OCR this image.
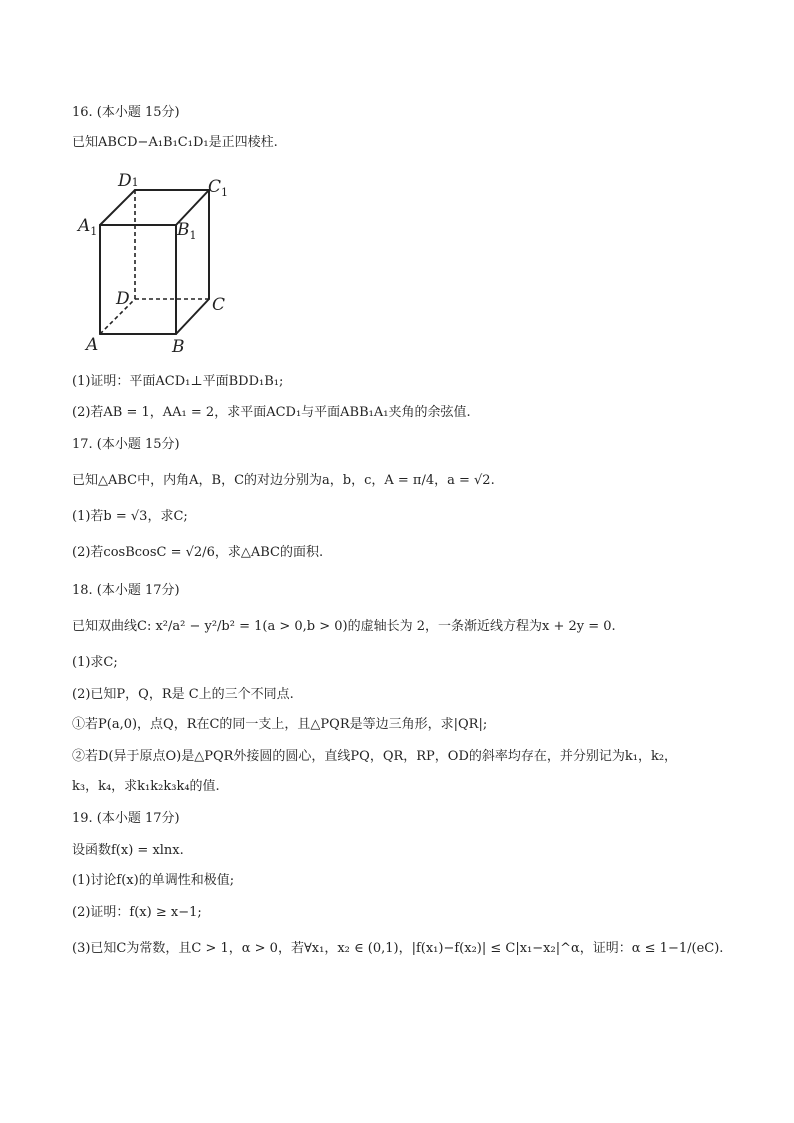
16. (本小题 15分)
已知ABCD−A₁B₁C₁D₁是正四棱柱.
D1	$C_1$
$A_1$	$B_1$
D	C
A	B
(1)证明：平面ACD₁⊥平面BDD₁B₁;
(2)若AB = 1，AA₁ = 2，求平面ACD₁与平面ABB₁A₁夹角的余弦值.
17. (本小题 15分)
已知△ABC中，内角A，B，C的对边分别为a，b，c，A = π/4，a = √2.
(1)若b = √3，求C;
(2)若cosBcosC = √2/6，求△ABC的面积.
18. (本小题 17分)
已知双曲线C: x²/a² − y²/b² = 1(a > 0,b > 0)的虚轴长为 2，一条渐近线方程为x + 2y = 0.
(1)求C;
(2)已知P，Q，R是 C上的三个不同点.
①若P(a,0)，点Q，R在C的同一支上，且△PQR是等边三角形，求|QR|;
②若D(异于原点O)是△PQR外接圆的圆心，直线PQ，QR，RP，OD的斜率均存在，并分别记为k₁，k₂，
k₃，k₄，求k₁k₂k₃k₄的值.
19. (本小题 17分)
设函数f(x) = xlnx.
(1)讨论f(x)的单调性和极值;
(2)证明：f(x) ≥ x−1;
(3)已知C为常数，且C > 1，α > 0，若∀x₁，x₂ ∈ (0,1)，|f(x₁)−f(x₂)| ≤ C|x₁−x₂|^α，证明：α ≤ 1−1/(eC).
